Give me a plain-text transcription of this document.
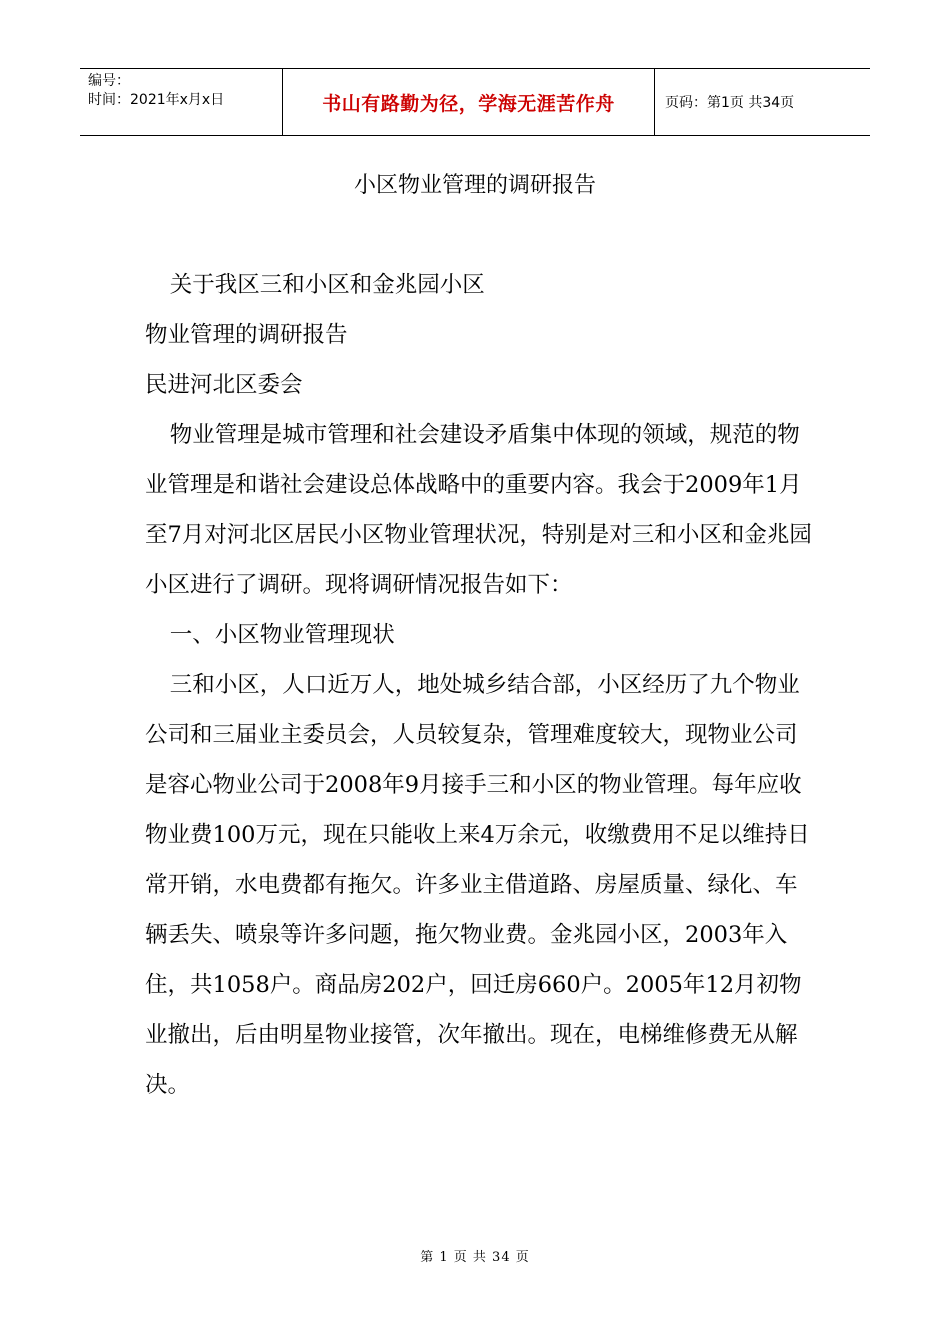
编号：
时间：2021年x月x日	书山有路勤为径，学海无涯苦作舟	页码：第1页 共34页
小区物业管理的调研报告

关于我区三和小区和金兆园小区

物业管理的调研报告

民进河北区委会

物业管理是城市管理和社会建设矛盾集中体现的领域，规范的物业管理是和谐社会建设总体战略中的重要内容。我会于2009年1月至7月对河北区居民小区物业管理状况，特别是对三和小区和金兆园小区进行了调研。现将调研情况报告如下：

一、小区物业管理现状

三和小区，人口近万人，地处城乡结合部，小区经历了九个物业公司和三届业主委员会，人员较复杂，管理难度较大，现物业公司是容心物业公司于2008年9月接手三和小区的物业管理。每年应收物业费100万元，现在只能收上来4万余元，收缴费用不足以维持日常开销，水电费都有拖欠。许多业主借道路、房屋质量、绿化、车辆丢失、喷泉等许多问题，拖欠物业费。金兆园小区，2003年入住，共1058户。商品房202户，回迁房660户。2005年12月初物业撤出，后由明星物业接管，次年撤出。现在，电梯维修费无从解决。

第 1 页 共 34 页
